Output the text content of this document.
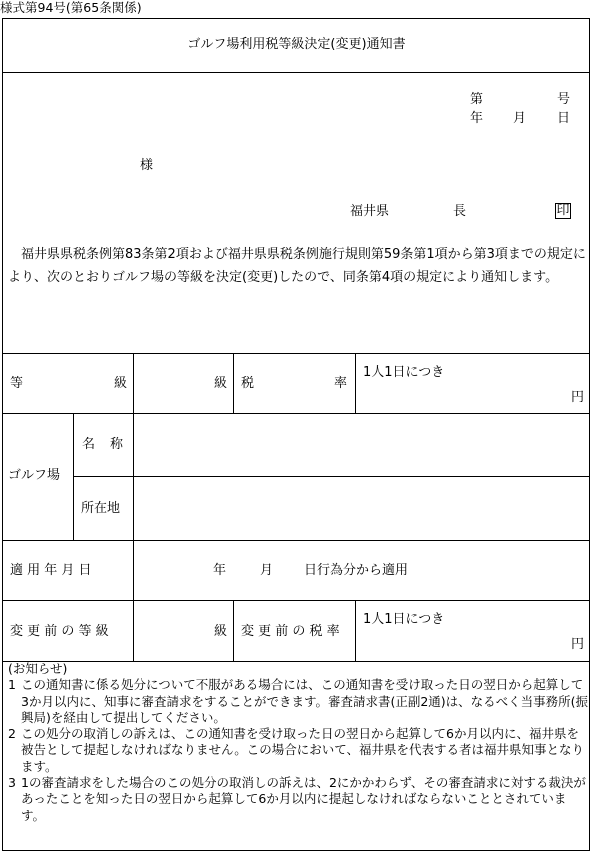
様式第94号(第65条関係)
ゴルフ場利用税等級決定(変更)通知書
第	号
年 月 日
様
福井県	長	印
福井県県税条例第83条第2項および福井県県税条例施行規則第59条第1項から第3項までの規定により、次のとおりゴルフ場の等級を決定(変更)したので、同条第4項の規定により通知します。
等	級	級 税	率
1人1日につき
円
ゴルフ場
名　称
所在地
適 用 年 月 日	年	月 日行為分から適用
変 更 前 の 等 級	級 変 更 前 の 税 率
1人1日につき
円
(お知らせ)
1 この通知書に係る処分について不服がある場合には、この通知書を受け取った日の翌日から起算して3か月以内に、知事に審査請求をすることができます。審査請求書(正副2通)は、なるべく当事務所(振興局)を経由して提出してください。
2 この処分の取消しの訴えは、この通知書を受け取った日の翌日から起算して6か月以内に、福井県を被告として提起しなければなりません。この場合において、福井県を代表する者は福井県知事となります。
3 1の審査請求をした場合のこの処分の取消しの訴えは、2にかかわらず、その審査請求に対する裁決があったことを知った日の翌日から起算して6か月以内に提起しなければならないこととされています。
